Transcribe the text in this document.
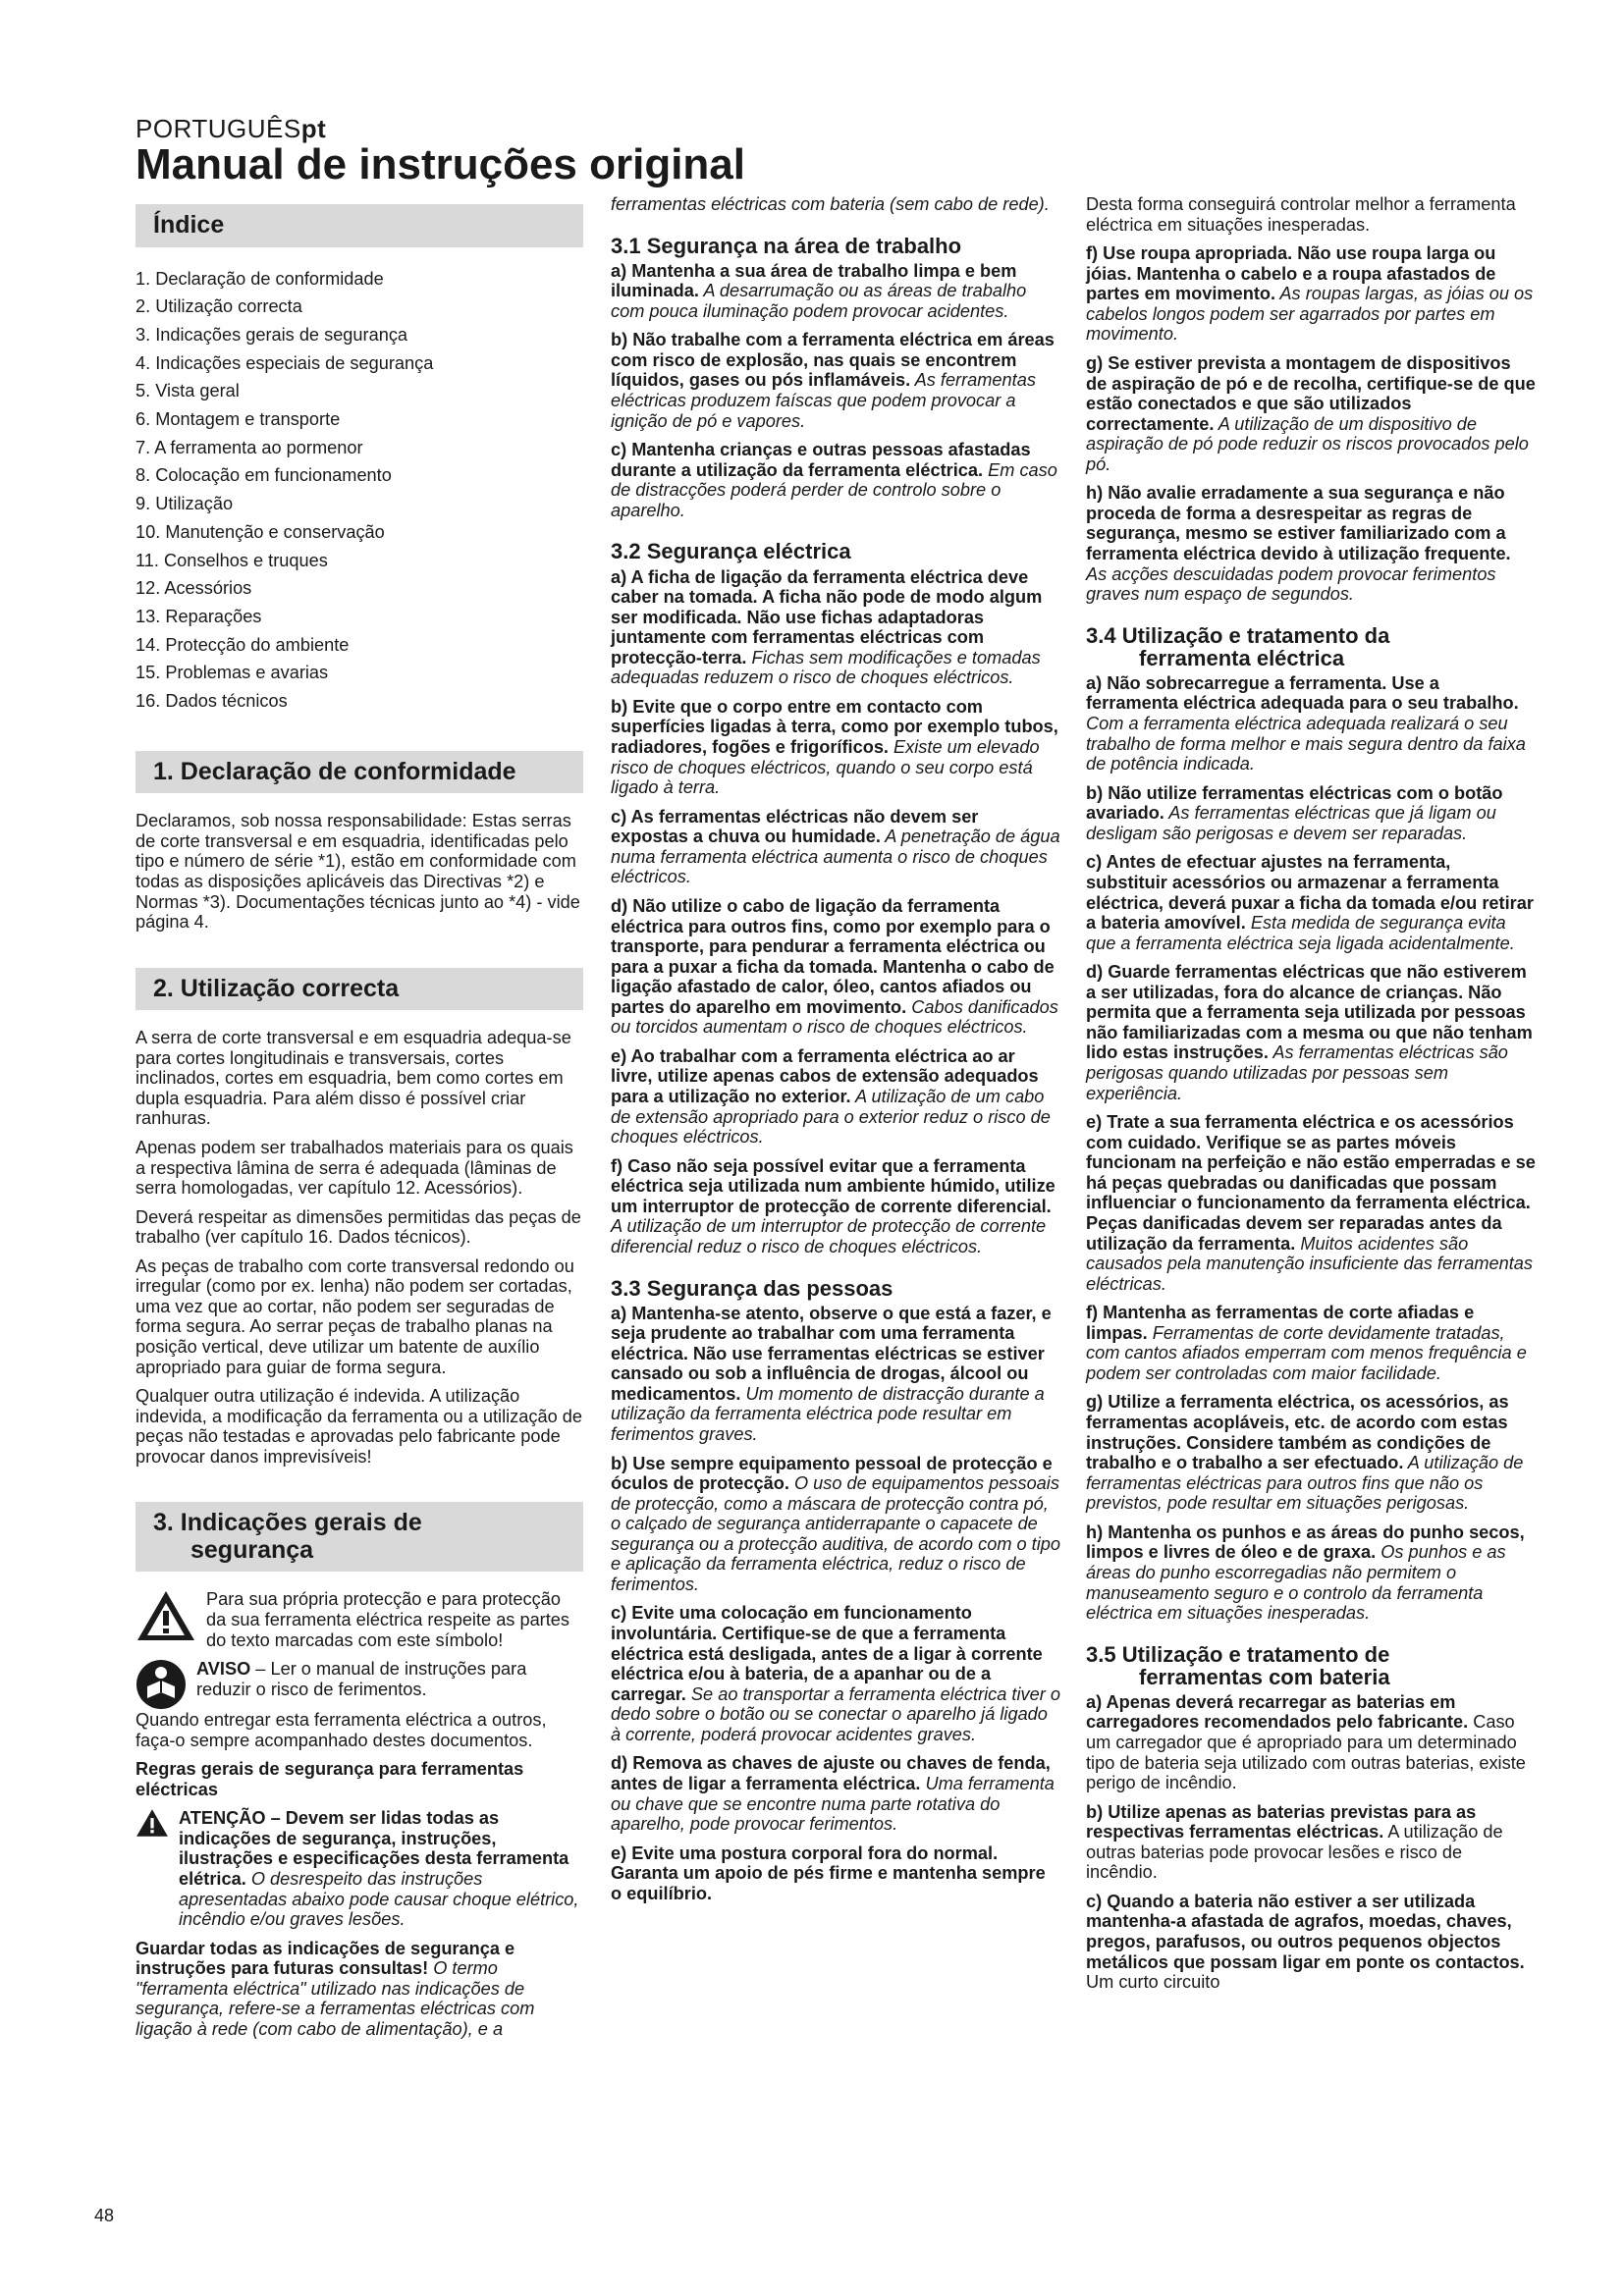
PORTUGUÊSpt
Manual de instruções original
Índice
1. Declaração de conformidade
2. Utilização correcta
3. Indicações gerais de segurança
4. Indicações especiais de segurança
5. Vista geral
6. Montagem e transporte
7. A ferramenta ao pormenor
8. Colocação em funcionamento
9. Utilização
10. Manutenção e conservação
11. Conselhos e truques
12. Acessórios
13. Reparações
14. Protecção do ambiente
15. Problemas e avarias
16. Dados técnicos
1. Declaração de conformidade

Declaramos, sob nossa responsabilidade: Estas serras de corte transversal e em esquadria, identificadas pelo tipo e número de série *1), estão em conformidade com todas as disposições aplicáveis das Directivas *2) e Normas *3). Documentações técnicas junto ao *4) - vide página 4.

2. Utilização correcta

A serra de corte transversal e em esquadria adequa-se para cortes longitudinais e transversais, cortes inclinados, cortes em esquadria, bem como cortes em dupla esquadria. Para além disso é possível criar ranhuras.

Apenas podem ser trabalhados materiais para os quais a respectiva lâmina de serra é adequada (lâminas de serra homologadas, ver capítulo 12. Acessórios).

Deverá respeitar as dimensões permitidas das peças de trabalho (ver capítulo 16. Dados técnicos).

As peças de trabalho com corte transversal redondo ou irregular (como por ex. lenha) não podem ser cortadas, uma vez que ao cortar, não podem ser seguradas de forma segura. Ao serrar peças de trabalho planas na posição vertical, deve utilizar um batente de auxílio apropriado para guiar de forma segura.

Qualquer outra utilização é indevida. A utilização indevida, a modificação da ferramenta ou a utilização de peças não testadas e aprovadas pelo fabricante pode provocar danos imprevisíveis!

3. Indicações gerais de
segurança

Para sua própria protecção e para protecção da sua ferramenta eléctrica respeite as partes do texto marcadas com este símbolo!

AVISO – Ler o manual de instruções para reduzir o risco de ferimentos.

Quando entregar esta ferramenta eléctrica a outros, faça-o sempre acompanhado destes documentos.

Regras gerais de segurança para ferramentas eléctricas

ATENÇÃO – Devem ser lidas todas as indicações de segurança, instruções, ilustrações e especificações desta ferramenta elétrica. O desrespeito das instruções apresentadas abaixo pode causar choque elétrico, incêndio e/ou graves lesões.

Guardar todas as indicações de segurança e instruções para futuras consultas! O termo "ferramenta eléctrica" utilizado nas indicações de segurança, refere-se a ferramentas eléctricas com ligação à rede (com cabo de alimentação), e a

ferramentas eléctricas com bateria (sem cabo de rede).

3.1 Segurança na área de trabalho

a) Mantenha a sua área de trabalho limpa e bem iluminada. A desarrumação ou as áreas de trabalho com pouca iluminação podem provocar acidentes.

b) Não trabalhe com a ferramenta eléctrica em áreas com risco de explosão, nas quais se encontrem líquidos, gases ou pós inflamáveis. As ferramentas eléctricas produzem faíscas que podem provocar a ignição de pó e vapores.

c) Mantenha crianças e outras pessoas afastadas durante a utilização da ferramenta eléctrica. Em caso de distracções poderá perder de controlo sobre o aparelho.

3.2 Segurança eléctrica

a) A ficha de ligação da ferramenta eléctrica deve caber na tomada. A ficha não pode de modo algum ser modificada. Não use fichas adaptadoras juntamente com ferramentas eléctricas com protecção-terra. Fichas sem modificações e tomadas adequadas reduzem o risco de choques eléctricos.

b) Evite que o corpo entre em contacto com superfícies ligadas à terra, como por exemplo tubos, radiadores, fogões e frigoríficos. Existe um elevado risco de choques eléctricos, quando o seu corpo está ligado à terra.

c) As ferramentas eléctricas não devem ser expostas a chuva ou humidade. A penetração de água numa ferramenta eléctrica aumenta o risco de choques eléctricos.

d) Não utilize o cabo de ligação da ferramenta eléctrica para outros fins, como por exemplo para o transporte, para pendurar a ferramenta eléctrica ou para a puxar a ficha da tomada. Mantenha o cabo de ligação afastado de calor, óleo, cantos afiados ou partes do aparelho em movimento. Cabos danificados ou torcidos aumentam o risco de choques eléctricos.

e) Ao trabalhar com a ferramenta eléctrica ao ar livre, utilize apenas cabos de extensão adequados para a utilização no exterior. A utilização de um cabo de extensão apropriado para o exterior reduz o risco de choques eléctricos.

f) Caso não seja possível evitar que a ferramenta eléctrica seja utilizada num ambiente húmido, utilize um interruptor de protecção de corrente diferencial. A utilização de um interruptor de protecção de corrente diferencial reduz o risco de choques eléctricos.

3.3 Segurança das pessoas

a) Mantenha-se atento, observe o que está a fazer, e seja prudente ao trabalhar com uma ferramenta eléctrica. Não use ferramentas eléctricas se estiver cansado ou sob a influência de drogas, álcool ou medicamentos. Um momento de distracção durante a utilização da ferramenta eléctrica pode resultar em ferimentos graves.

b) Use sempre equipamento pessoal de protecção e óculos de protecção. O uso de equipamentos pessoais de protecção, como a máscara de protecção contra pó, o calçado de segurança antiderrapante o capacete de segurança ou a protecção auditiva, de acordo com o tipo e aplicação da ferramenta eléctrica, reduz o risco de ferimentos.

c) Evite uma colocação em funcionamento involuntária. Certifique-se de que a ferramenta eléctrica está desligada, antes de a ligar à corrente eléctrica e/ou à bateria, de a apanhar ou de a carregar. Se ao transportar a ferramenta eléctrica tiver o dedo sobre o botão ou se conectar o aparelho já ligado à corrente, poderá provocar acidentes graves.

d) Remova as chaves de ajuste ou chaves de fenda, antes de ligar a ferramenta eléctrica. Uma ferramenta ou chave que se encontre numa parte rotativa do aparelho, pode provocar ferimentos.

e) Evite uma postura corporal fora do normal. Garanta um apoio de pés firme e mantenha sempre o equilíbrio.

Desta forma conseguirá controlar melhor a ferramenta eléctrica em situações inesperadas.

f) Use roupa apropriada. Não use roupa larga ou jóias. Mantenha o cabelo e a roupa afastados de partes em movimento. As roupas largas, as jóias ou os cabelos longos podem ser agarrados por partes em movimento.

g) Se estiver prevista a montagem de dispositivos de aspiração de pó e de recolha, certifique-se de que estão conectados e que são utilizados correctamente. A utilização de um dispositivo de aspiração de pó pode reduzir os riscos provocados pelo pó.

h) Não avalie erradamente a sua segurança e não proceda de forma a desrespeitar as regras de segurança, mesmo se estiver familiarizado com a ferramenta eléctrica devido à utilização frequente. As acções descuidadas podem provocar ferimentos graves num espaço de segundos.

3.4 Utilização e tratamento da
ferramenta eléctrica

a) Não sobrecarregue a ferramenta. Use a ferramenta eléctrica adequada para o seu trabalho. Com a ferramenta eléctrica adequada realizará o seu trabalho de forma melhor e mais segura dentro da faixa de potência indicada.

b) Não utilize ferramentas eléctricas com o botão avariado. As ferramentas eléctricas que já ligam ou desligam são perigosas e devem ser reparadas.

c) Antes de efectuar ajustes na ferramenta, substituir acessórios ou armazenar a ferramenta eléctrica, deverá puxar a ficha da tomada e/ou retirar a bateria amovível. Esta medida de segurança evita que a ferramenta eléctrica seja ligada acidentalmente.

d) Guarde ferramentas eléctricas que não estiverem a ser utilizadas, fora do alcance de crianças. Não permita que a ferramenta seja utilizada por pessoas não familiarizadas com a mesma ou que não tenham lido estas instruções. As ferramentas eléctricas são perigosas quando utilizadas por pessoas sem experiência.

e) Trate a sua ferramenta eléctrica e os acessórios com cuidado. Verifique se as partes móveis funcionam na perfeição e não estão emperradas e se há peças quebradas ou danificadas que possam influenciar o funcionamento da ferramenta eléctrica. Peças danificadas devem ser reparadas antes da utilização da ferramenta. Muitos acidentes são causados pela manutenção insuficiente das ferramentas eléctricas.

f) Mantenha as ferramentas de corte afiadas e limpas. Ferramentas de corte devidamente tratadas, com cantos afiados emperram com menos frequência e podem ser controladas com maior facilidade.

g) Utilize a ferramenta eléctrica, os acessórios, as ferramentas acopláveis, etc. de acordo com estas instruções. Considere também as condições de trabalho e o trabalho a ser efectuado. A utilização de ferramentas eléctricas para outros fins que não os previstos, pode resultar em situações perigosas.

h) Mantenha os punhos e as áreas do punho secos, limpos e livres de óleo e de graxa. Os punhos e as áreas do punho escorregadias não permitem o manuseamento seguro e o controlo da ferramenta eléctrica em situações inesperadas.

3.5 Utilização e tratamento de
ferramentas com bateria

a) Apenas deverá recarregar as baterias em carregadores recomendados pelo fabricante. Caso um carregador que é apropriado para um determinado tipo de bateria seja utilizado com outras baterias, existe perigo de incêndio.

b) Utilize apenas as baterias previstas para as respectivas ferramentas eléctricas. A utilização de outras baterias pode provocar lesões e risco de incêndio.

c) Quando a bateria não estiver a ser utilizada mantenha-a afastada de agrafos, moedas, chaves, pregos, parafusos, ou outros pequenos objectos metálicos que possam ligar em ponte os contactos. Um curto circuito

48
